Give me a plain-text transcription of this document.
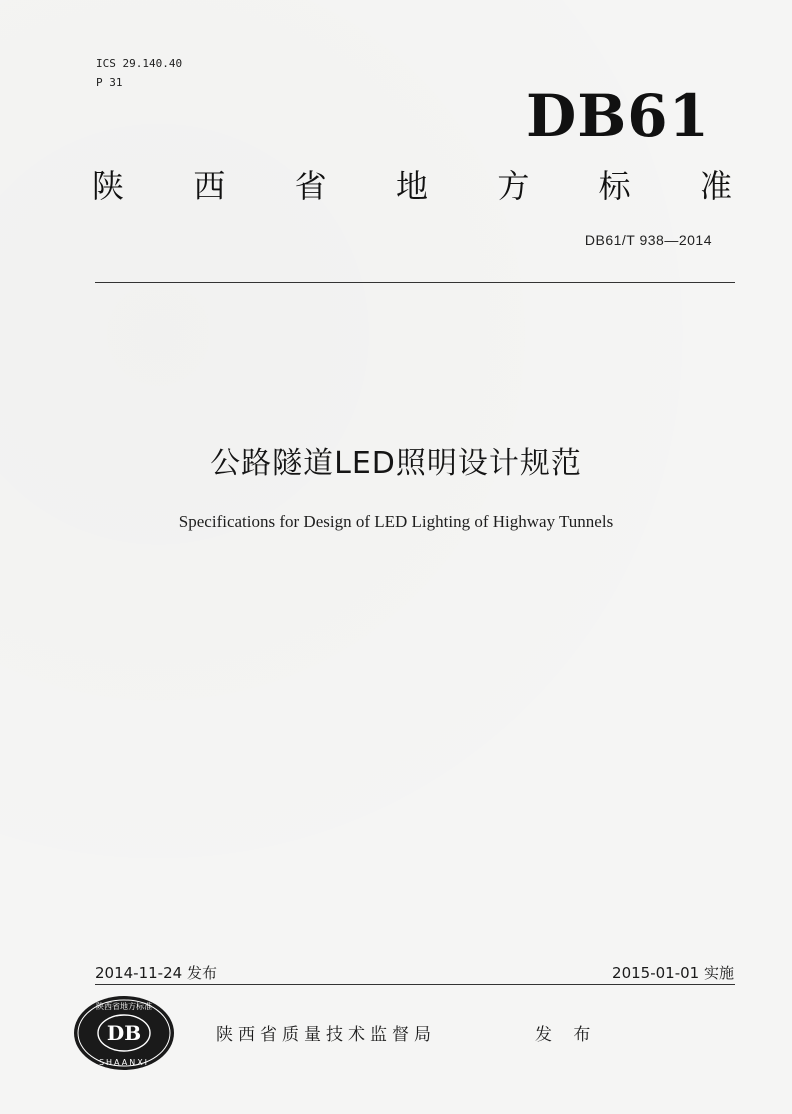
ICS 29.140.40
P 31	DB61
陕 西 省 地 方 标 准
DB61/T 938—2014
公路隧道LED照明设计规范
Specifications for Design of LED Lighting of Highway Tunnels
2014-11-24 发布	2015-01-01 实施
DB
陕西省地方标准
SHAANXI
陕西省质量技术监督局	发 布
